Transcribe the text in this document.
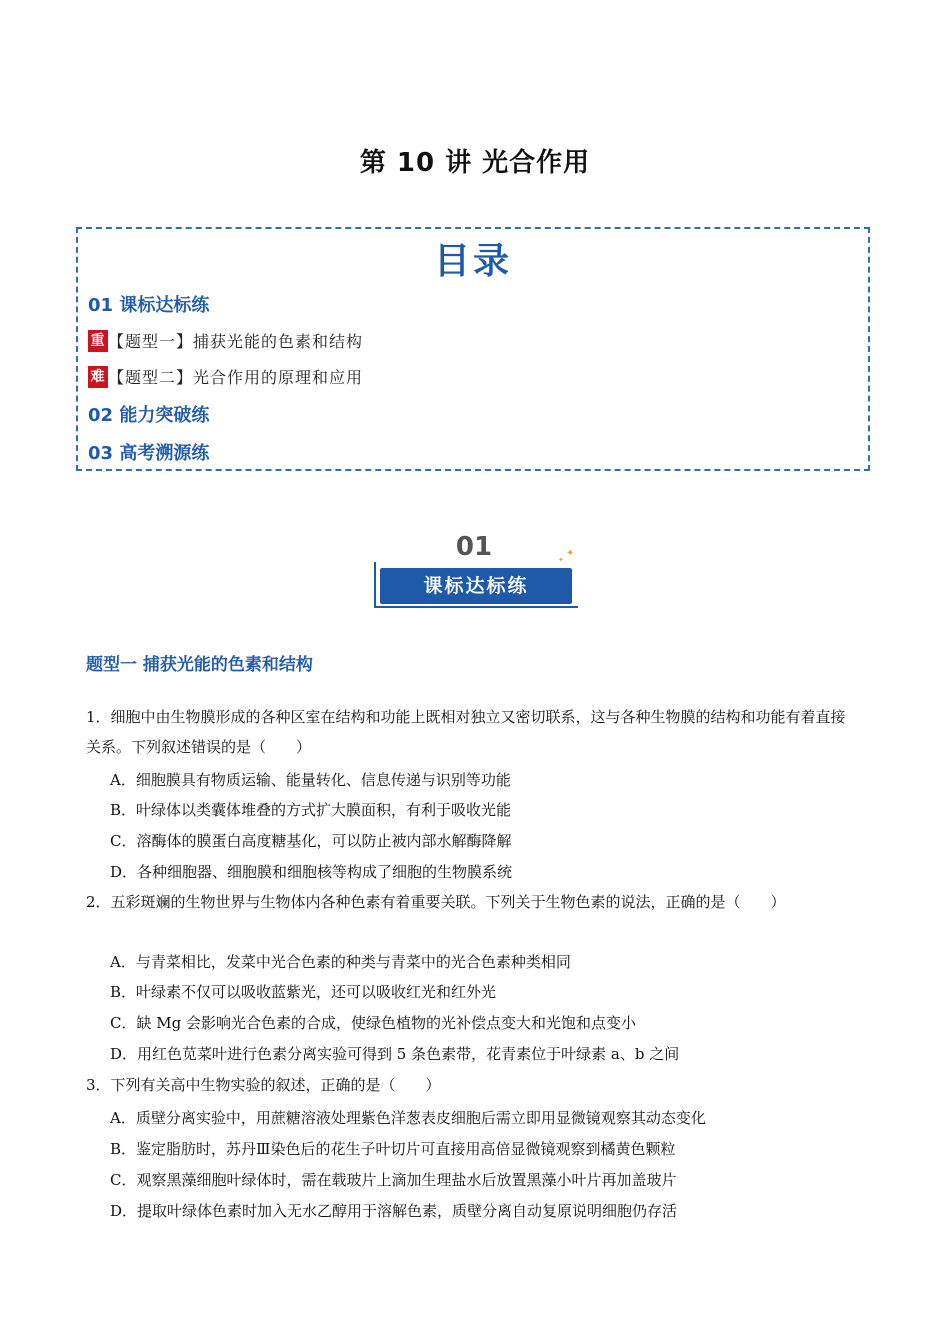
第 10 讲 光合作用
目录
01 课标达标练
重 【题型一】捕获光能的色素和结构
难 【题型二】光合作用的原理和应用
02 能力突破练
03 高考溯源练
01
课标达标练
✦
✦
题型一 捕获光能的色素和结构
1．细胞中由生物膜形成的各种区室在结构和功能上既相对独立又密切联系，这与各种生物膜的结构和功能有着直接关系。下列叙述错误的是（　　）
A．细胞膜具有物质运输、能量转化、信息传递与识别等功能
B．叶绿体以类囊体堆叠的方式扩大膜面积，有利于吸收光能
C．溶酶体的膜蛋白高度糖基化，可以防止被内部水解酶降解
D．各种细胞器、细胞膜和细胞核等构成了细胞的生物膜系统
2．五彩斑斓的生物世界与生物体内各种色素有着重要关联。下列关于生物色素的说法，正确的是（　　）
A．与青菜相比，发菜中光合色素的种类与青菜中的光合色素种类相同
B．叶绿素不仅可以吸收蓝紫光，还可以吸收红光和红外光
C．缺 Mg 会影响光合色素的合成，使绿色植物的光补偿点变大和光饱和点变小
D．用红色苋菜叶进行色素分离实验可得到 5 条色素带，花青素位于叶绿素 a、b 之间
3．下列有关高中生物实验的叙述，正确的是（　　）
A．质壁分离实验中，用蔗糖溶液处理紫色洋葱表皮细胞后需立即用显微镜观察其动态变化
B．鉴定脂肪时，苏丹Ⅲ染色后的花生子叶切片可直接用高倍显微镜观察到橘黄色颗粒
C．观察黑藻细胞叶绿体时，需在载玻片上滴加生理盐水后放置黑藻小叶片再加盖玻片
D．提取叶绿体色素时加入无水乙醇用于溶解色素，质壁分离自动复原说明细胞仍存活
